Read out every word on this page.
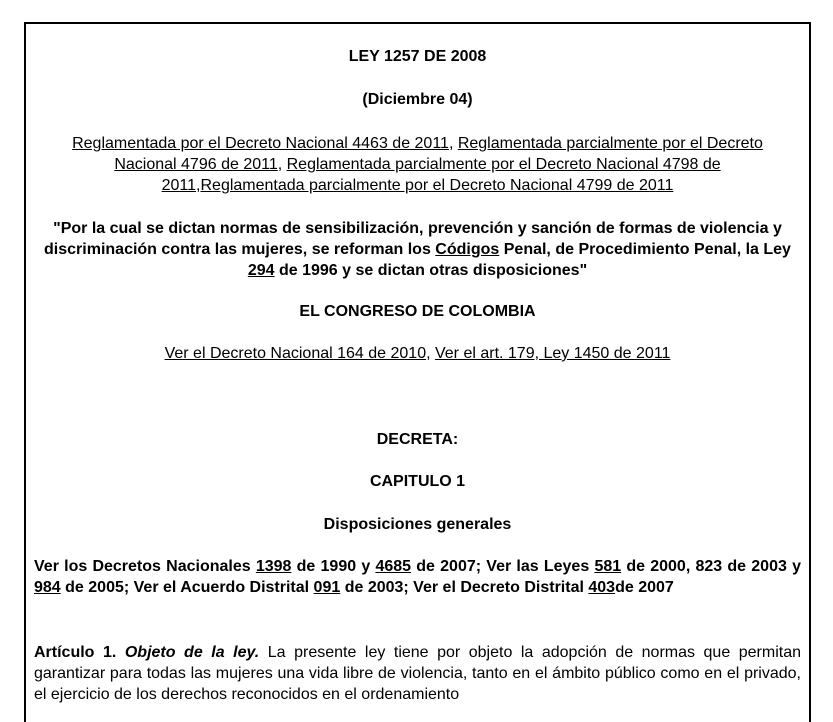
LEY 1257 DE 2008
(Diciembre 04)
Reglamentada por el Decreto Nacional 4463 de 2011, Reglamentada parcialmente por el Decreto Nacional 4796 de 2011, Reglamentada parcialmente por el Decreto Nacional 4798 de 2011,Reglamentada parcialmente por el Decreto Nacional 4799 de 2011
"Por la cual se dictan normas de sensibilización, prevención y sanción de formas de violencia y discriminación contra las mujeres, se reforman los Códigos Penal, de Procedimiento Penal, la Ley 294 de 1996 y se dictan otras disposiciones"
EL CONGRESO DE COLOMBIA
Ver el Decreto Nacional 164 de 2010, Ver el art. 179, Ley 1450 de 2011
DECRETA:
CAPITULO 1
Disposiciones generales
Ver los Decretos Nacionales 1398 de 1990 y 4685 de 2007; Ver las Leyes 581 de 2000, 823 de 2003 y 984 de 2005; Ver el Acuerdo Distrital 091 de 2003; Ver el Decreto Distrital 403de 2007
Artículo 1. Objeto de la ley. La presente ley tiene por objeto la adopción de normas que permitan garantizar para todas las mujeres una vida libre de violencia, tanto en el ámbito público como en el privado, el ejercicio de los derechos reconocidos en el ordenamiento
